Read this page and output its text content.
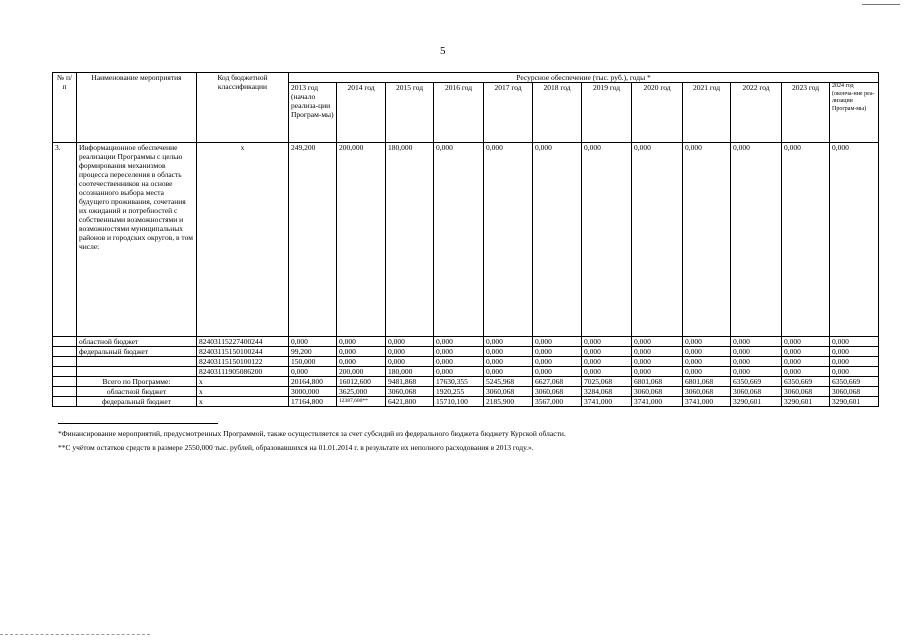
5
№ п/п	Наименование мероприятия	Код бюджетной классификации	Ресурсное обеспечение (тыс. руб.), годы *											
			2013 год (начало реализа-ции Програм-мы)	2014 год	2015 год	2016 год	2017 год	2018 год	2019 год	2020 год	2021 год	2022 год	2023 год	2024 год (оконча-ние реа-лизации Програм-мы)
3.	Информационное обеспечение реализации Программы с целью формирования механизмов процесса переселения в область соотечественников на основе осознанного выбора места будущего проживания, сочетания их ожиданий и потребностей с собственными возможностями и возможностями муниципальных районов и городских округов, в том числе:	x	249,200	200,000	180,000	0,000	0,000	0,000	0,000	0,000	0,000	0,000	0,000	0,000
	областной бюджет	82403115227400244	0,000	0,000	0,000	0,000	0,000	0,000	0,000	0,000	0,000	0,000	0,000	0,000
	федеральный бюджет	82403115150100244	99,200	0,000	0,000	0,000	0,000	0,000	0,000	0,000	0,000	0,000	0,000	0,000
		82403115150100122	150,000	0,000	0,000	0,000	0,000	0,000	0,000	0,000	0,000	0,000	0,000	0,000
		82403111905086200	0,000	200,000	180,000	0,000	0,000	0,000	0,000	0,000	0,000	0,000	0,000	0,000
	Всего по Программе:	x	20164,800	16012,600	9481,868	17630,355	5245,968	6627,068	7025,068	6801,068	6801,068	6350,669	6350,669	6350,669
	областной бюджет	x	3000,000	3625,000	3060,068	1920,255	3060,068	3060,068	3284,068	3060,068	3060,068	3060,068	3060,068	3060,068
	федеральный бюджет	x	17164,800	12387,600**	6421,800	15710,100	2185,900	3567,000	3741,000	3741,000	3741,000	3290,601	3290,601	3290,601
*Финансирование мероприятий, предусмотренных Программой, также осуществляется за счет субсидий из федерального бюджета бюджету Курской области.
**С учётом остатков средств в размере 2550,000 тыс. рублей, образовавшихся на 01.01.2014 г. в результате их неполного расходования в 2013 году.».
